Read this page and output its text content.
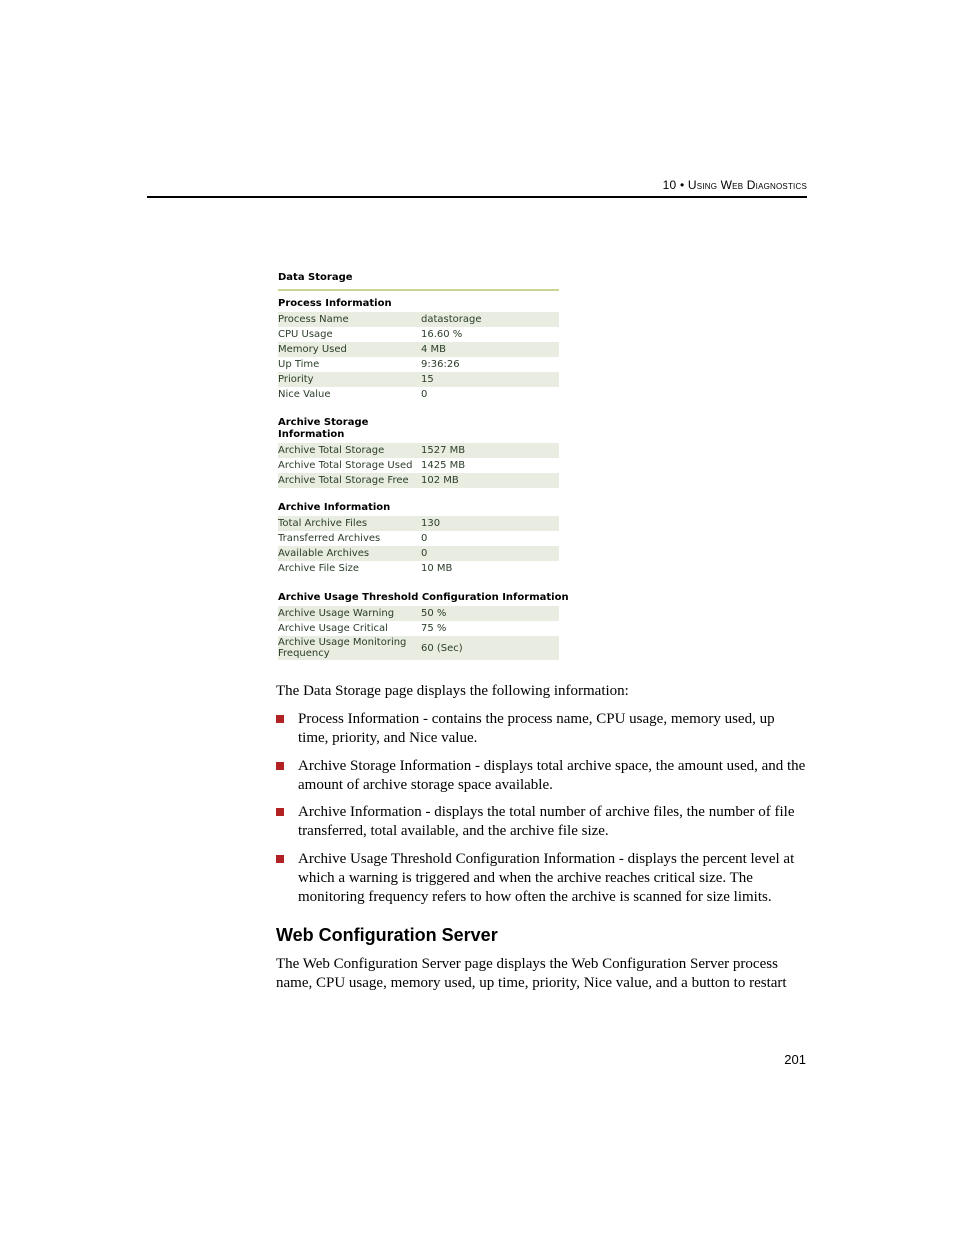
10 • Using Web Diagnostics
Data Storage
Process Information
Process Name	datastorage
CPU Usage	16.60 %
Memory Used	4 MB
Up Time	9:36:26
Priority	15
Nice Value	0
Archive Storage Information
Archive Total Storage	1527 MB
Archive Total Storage Used 1425 MB
Archive Total Storage Free	102 MB
Archive Information
Total Archive Files	130
Transferred Archives	0
Available Archives	0
Archive File Size	10 MB
Archive Usage Threshold Configuration Information
Archive Usage Warning	50 %
Archive Usage Critical	75 %
Archive Usage Monitoring Frequency	60 (Sec)
The Data Storage page displays the following information:
Process Information - contains the process name, CPU usage, memory used, up time, priority, and Nice value.
Archive Storage Information - displays total archive space, the amount used, and the amount of archive storage space available.
Archive Information - displays the total number of archive files, the number of file transferred, total available, and the archive file size.
Archive Usage Threshold Configuration Information - displays the percent level at which a warning is triggered and when the archive reaches critical size. The monitoring frequency refers to how often the archive is scanned for size limits.
Web Configuration Server
The Web Configuration Server page displays the Web Configuration Server process name, CPU usage, memory used, up time, priority, Nice value, and a button to restart
201
